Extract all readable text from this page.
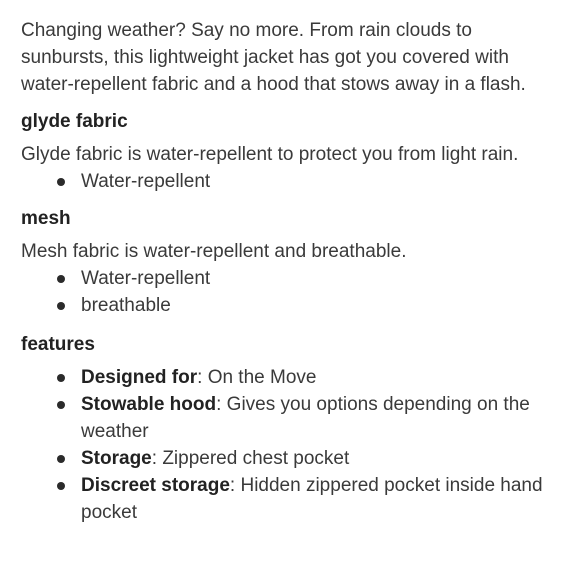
Changing weather? Say no more. From rain clouds to sunbursts, this lightweight jacket has got you covered with water-repellent fabric and a hood that stows away in a flash.

glyde fabric

Glyde fabric is water-repellent to protect you from light rain.

Water-repellent
mesh

Mesh fabric is water-repellent and breathable.

Water-repellent
breathable
features
Designed for: On the Move
Stowable hood: Gives you options depending on the weather
Storage: Zippered chest pocket
Discreet storage: Hidden zippered pocket inside hand pocket
